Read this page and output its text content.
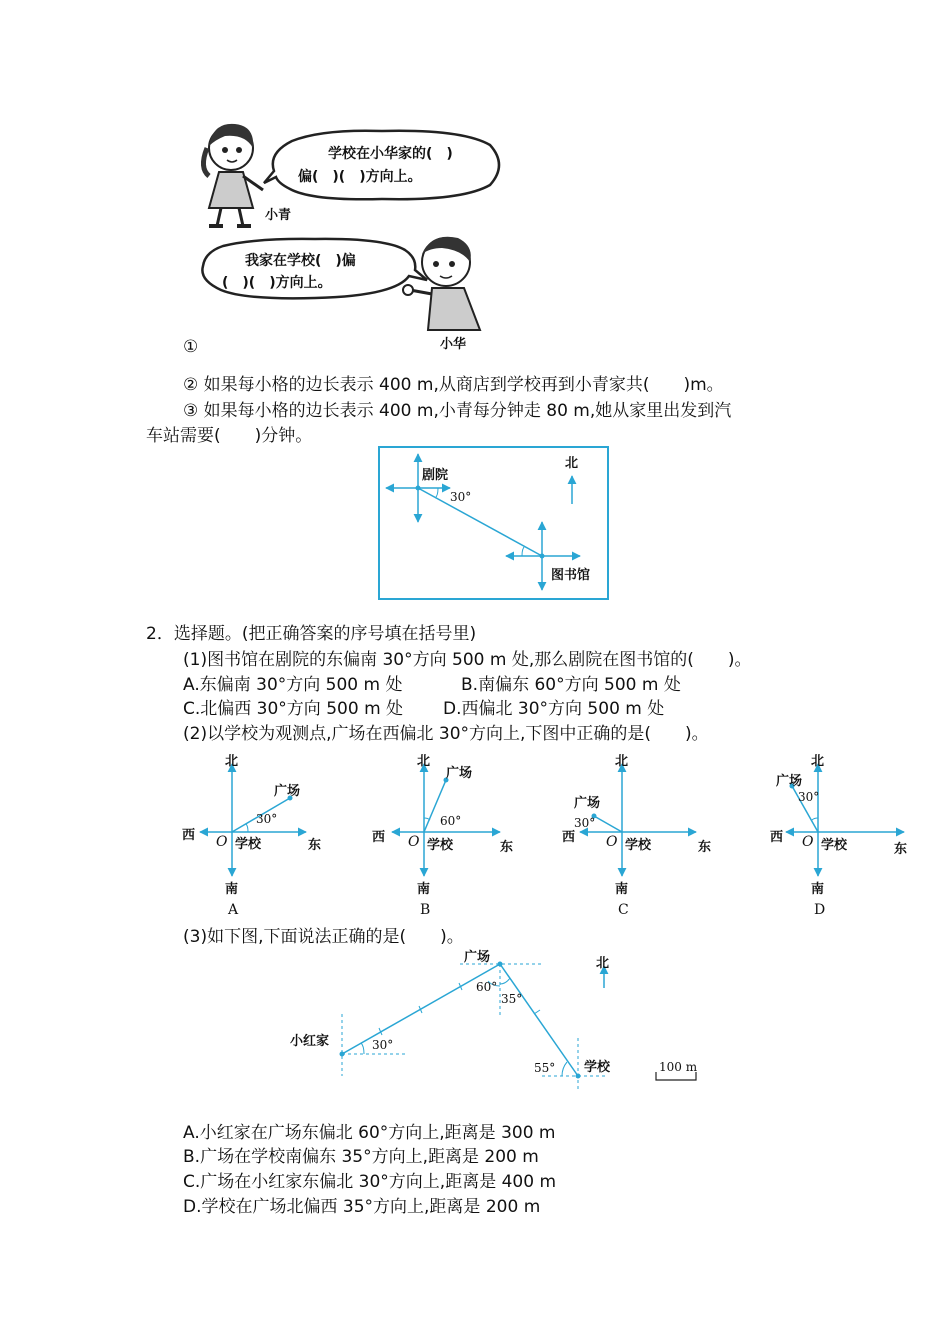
学校在小华家的(　)
偏(　)(　)方向上。
小青
我家在学校(　)偏
(　)(　)方向上。
小华
①
② 如果每小格的边长表示 400 m,从商店到学校再到小青家共(　　)m。
③ 如果每小格的边长表示 400 m,小青每分钟走 80 m,她从家里出发到汽
车站需要(　　)分钟。
剧院
30°
北
图书馆
2．选择题。(把正确答案的序号填在括号里)
(1)图书馆在剧院的东偏南 30°方向 500 m 处,那么剧院在图书馆的(　　)。
A.东偏南 30°方向 500 m 处	B.南偏东 60°方向 500 m 处
C.北偏西 30°方向 500 m 处 D.西偏北 30°方向 500 m 处
(2)以学校为观测点,广场在西偏北 30°方向上,下图中正确的是(　　)。
北
南
西
东
O 学校
广场
30°
A
北
南
西
东
O 学校
广场
60°
B
北
南
西
东
O 学校
广场
30°
C
北
南
西
东
O 学校
广场
30°
D
(3)如下图,下面说法正确的是(　　)。
广场
60°
35°
北
小红家	30°
55° 学校	100 m
A.小红家在广场东偏北 60°方向上,距离是 300 m
B.广场在学校南偏东 35°方向上,距离是 200 m
C.广场在小红家东偏北 30°方向上,距离是 400 m
D.学校在广场北偏西 35°方向上,距离是 200 m
